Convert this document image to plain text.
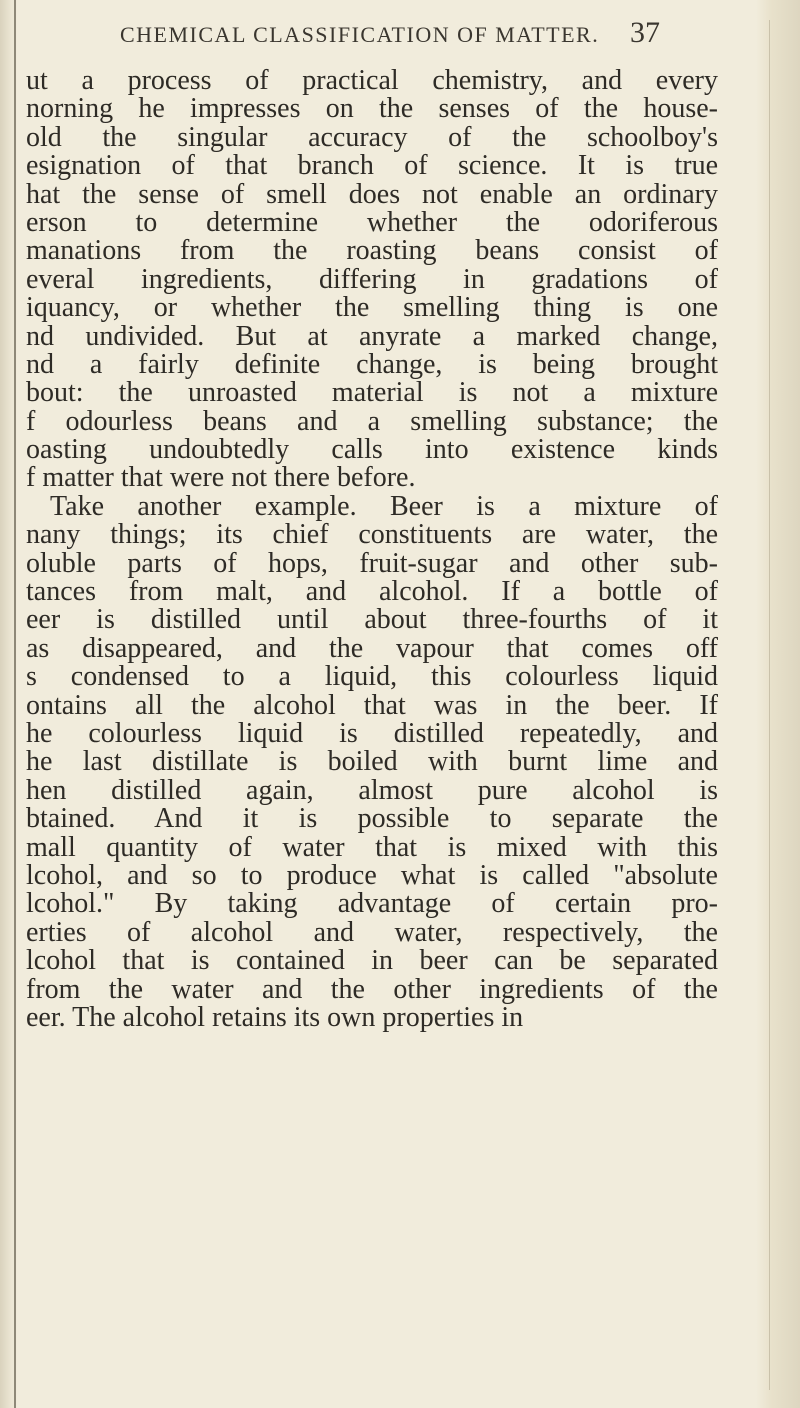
CHEMICAL CLASSIFICATION OF MATTER. 37
ut a process of practical chemistry, and every
norning he impresses on the senses of the house-
old the singular accuracy of the schoolboy's
esignation of that branch of science. It is true
hat the sense of smell does not enable an ordinary
erson to determine whether the odoriferous
manations from the roasting beans consist of
everal ingredients, differing in gradations of
iquancy, or whether the smelling thing is one
nd undivided. But at anyrate a marked change,
nd a fairly definite change, is being brought
bout: the unroasted material is not a mixture
f odourless beans and a smelling substance; the
oasting undoubtedly calls into existence kinds
f matter that were not there before.
Take another example. Beer is a mixture of
nany things; its chief constituents are water, the
oluble parts of hops, fruit-sugar and other sub-
tances from malt, and alcohol. If a bottle of
eer is distilled until about three-fourths of it
as disappeared, and the vapour that comes off
s condensed to a liquid, this colourless liquid
ontains all the alcohol that was in the beer. If
he colourless liquid is distilled repeatedly, and
he last distillate is boiled with burnt lime and
hen distilled again, almost pure alcohol is
btained. And it is possible to separate the
mall quantity of water that is mixed with this
lcohol, and so to produce what is called "absolute
lcohol." By taking advantage of certain pro-
erties of alcohol and water, respectively, the
lcohol that is contained in beer can be separated
from the water and the other ingredients of the
eer. The alcohol retains its own properties in
